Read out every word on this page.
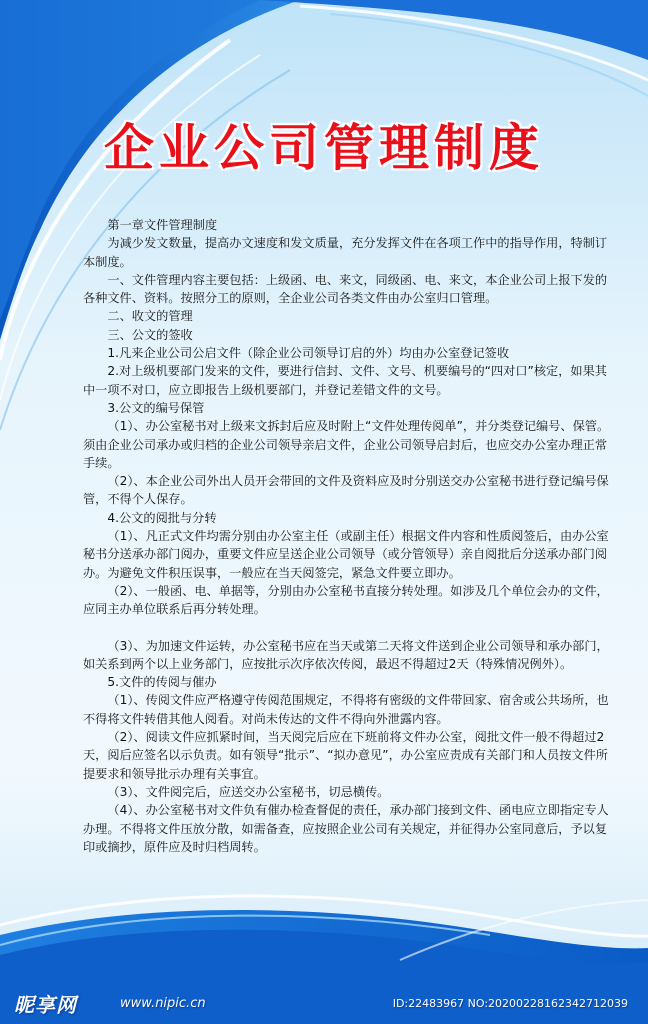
企业公司管理制度

第一章文件管理制度

为减少发文数量，提高办文速度和发文质量，充分发挥文件在各项工作中的指导作用，特制订本制度。

一、文件管理内容主要包括：上级函、电、来文，同级函、电、来文，本企业公司上报下发的各种文件、资料。按照分工的原则，全企业公司各类文件由办公室归口管理。

二、收文的管理

三、公文的签收

1.凡来企业公司公启文件（除企业公司领导订启的外）均由办公室登记签收

2.对上级机要部门发来的文件，要进行信封、文件、文号、机要编号的“四对口”核定，如果其中一项不对口，应立即报告上级机要部门，并登记差错文件的文号。

3.公文的编号保管

（1）、办公室秘书对上级来文拆封后应及时附上“文件处理传阅单”，并分类登记编号、保管。须由企业公司承办或归档的企业公司领导亲启文件，企业公司领导启封后，也应交办公室办理正常手续。

（2）、本企业公司外出人员开会带回的文件及资料应及时分别送交办公室秘书进行登记编号保管，不得个人保存。

4.公文的阅批与分转

（1）、凡正式文件均需分别由办公室主任（或副主任）根据文件内容和性质阅签后，由办公室秘书分送承办部门阅办，重要文件应呈送企业公司领导（或分管领导）亲自阅批后分送承办部门阅办。为避免文件积压误事，一般应在当天阅签完，紧急文件要立即办。

（2）、一般函、电、单据等，分别由办公室秘书直接分转处理。如涉及几个单位会办的文件，应同主办单位联系后再分转处理。

（3）、为加速文件运转，办公室秘书应在当天或第二天将文件送到企业公司领导和承办部门，如关系到两个以上业务部门，应按批示次序依次传阅，最迟不得超过2天（特殊情况例外）。

5.文件的传阅与催办

（1）、传阅文件应严格遵守传阅范围规定，不得将有密级的文件带回家、宿舍或公共场所，也不得将文件转借其他人阅看。对尚未传达的文件不得向外泄露内容。

（2）、阅读文件应抓紧时间，当天阅完后应在下班前将文件办公室，阅批文件一般不得超过2天，阅后应签名以示负责。如有领导“批示”、“拟办意见”，办公室应责成有关部门和人员按文件所提要求和领导批示办理有关事宜。

（3）、文件阅完后，应送交办公室秘书，切忌横传。

（4）、办公室秘书对文件负有催办检查督促的责任，承办部门接到文件、函电应立即指定专人办理。不得将文件压放分散，如需备查，应按照企业公司有关规定，并征得办公室同意后，予以复印或摘抄，原件应及时归档周转。

昵享网	www.nipic.cn	ID:22483967 NO:20200228162342712039
